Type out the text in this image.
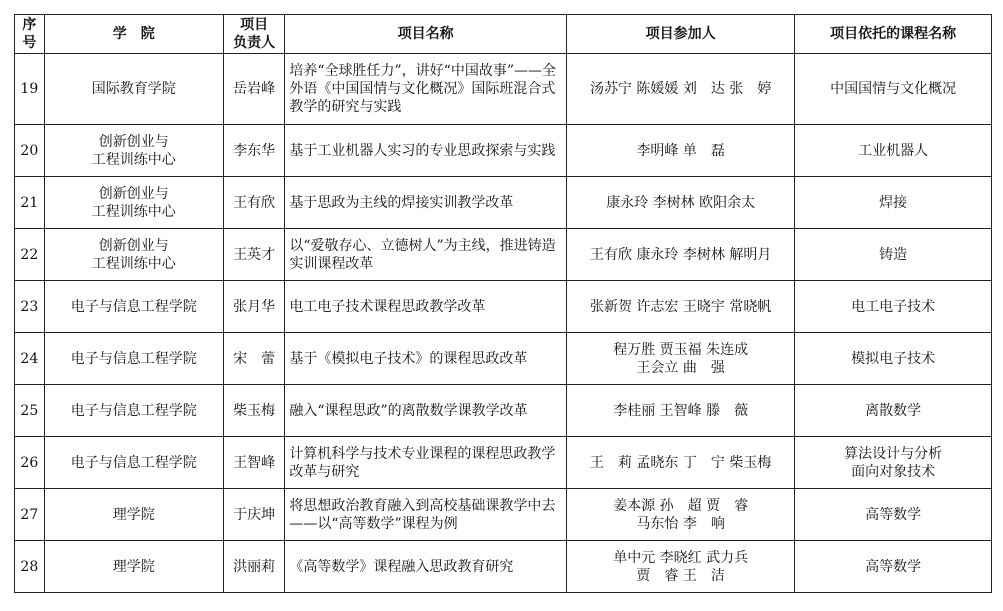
序
号	学　院	项目
负责人	项目名称	项目参加人	项目依托的课程名称
19	国际教育学院	岳岩峰	培养“全球胜任力”，讲好“中国故事”——全外语《中国国情与文化概况》国际班混合式教学的研究与实践	汤苏宁 陈媛媛 刘　达 张　婷	中国国情与文化概况

20	创新创业与
工程训练中心	李东华	基于工业机器人实习的专业思政探索与实践	李明峰 单　磊	工业机器人

21	创新创业与
工程训练中心	王有欣	基于思政为主线的焊接实训教学改革	康永玲 李树林 欧阳余太	焊接

22	创新创业与
工程训练中心	王英才	以“爱敬存心、立德树人”为主线，推进铸造实训课程改革	王有欣 康永玲 李树林 解明月	铸造

23	电子与信息工程学院	张月华	电工电子技术课程思政教学改革	张新贺 许志宏 王晓宇 常晓帆	电工电子技术

24	电子与信息工程学院	宋　蕾	基于《模拟电子技术》的课程思政改革	程万胜 贾玉福 朱连成
王会立 曲　强	模拟电子技术

25	电子与信息工程学院	柴玉梅	融入“课程思政”的离散数学课教学改革	李桂丽 王智峰 滕　薇	离散数学

26	电子与信息工程学院	王智峰	计算机科学与技术专业课程的课程思政教学改革与研究	王　莉 孟晓东 丁　宁 柴玉梅	算法设计与分析
面向对象技术

27	理学院	于庆坤	将思想政治教育融入到高校基础课教学中去——以“高等数学”课程为例	姜本源 孙　超 贾　睿
马东怡 李　响	高等数学

28	理学院	洪丽莉	《高等数学》课程融入思政教育研究	单中元 李晓红 武力兵
贾　睿 王　洁	高等数学
